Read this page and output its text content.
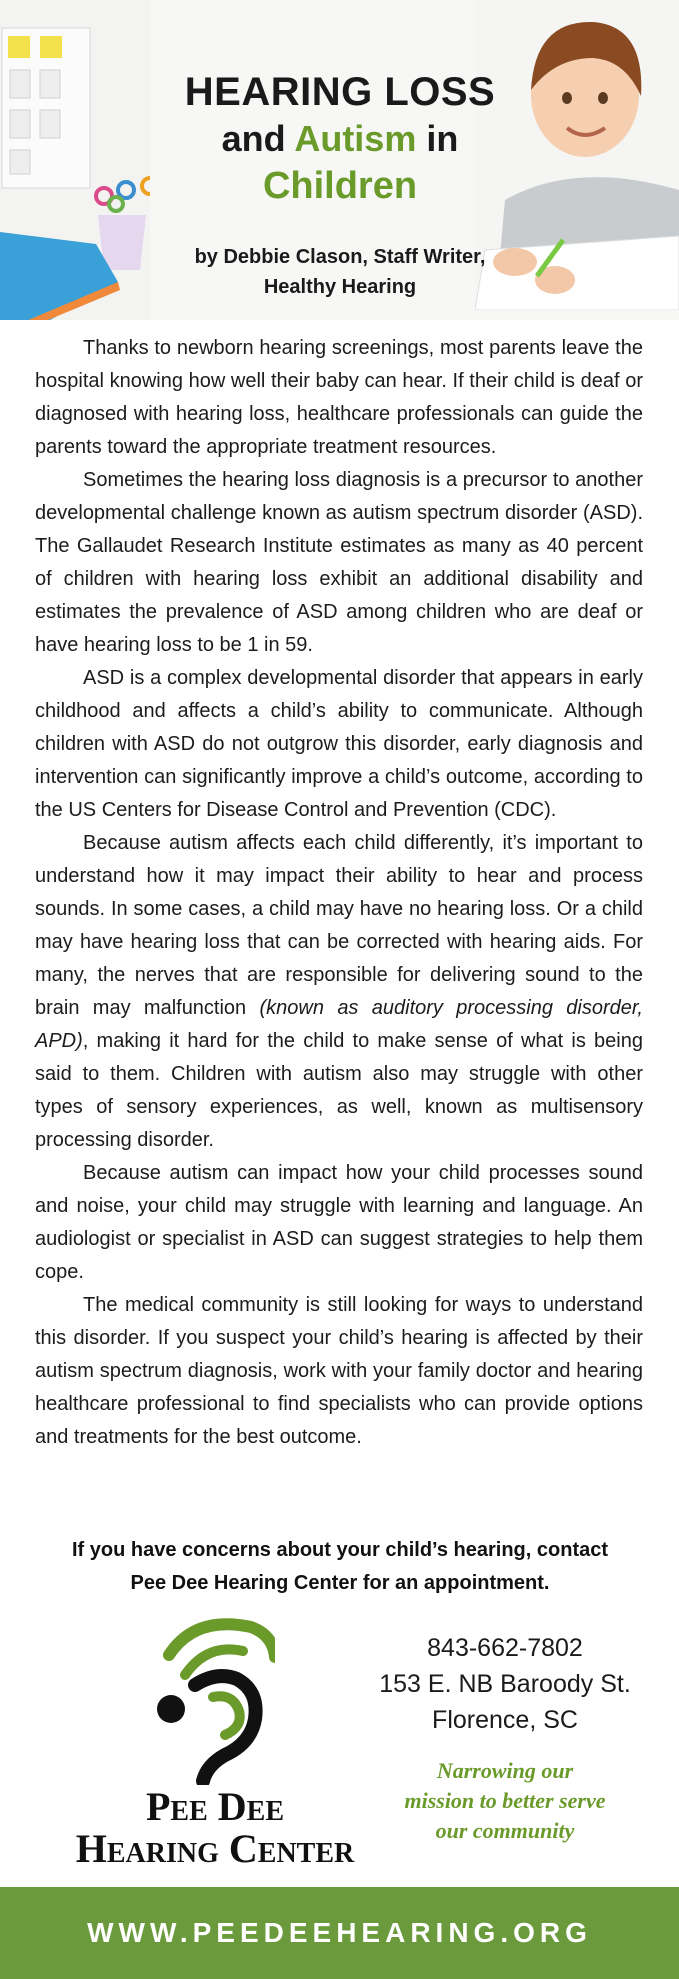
HEARING LOSS
and Autism in
Children
by Debbie Clason, Staff Writer,
Healthy Hearing

Thanks to newborn hearing screenings, most parents leave the hospital knowing how well their baby can hear. If their child is deaf or diagnosed with hearing loss, healthcare professionals can guide the parents toward the appropriate treatment resources.

Sometimes the hearing loss diagnosis is a precursor to another developmental challenge known as autism spectrum disorder (ASD). The Gallaudet Research Institute estimates as many as 40 percent of children with hearing loss exhibit an additional disability and estimates the prevalence of ASD among children who are deaf or have hearing loss to be 1 in 59.

ASD is a complex developmental disorder that appears in early childhood and affects a child’s ability to communicate. Although children with ASD do not outgrow this disorder, early diagnosis and intervention can significantly improve a child’s outcome, according to the US Centers for Disease Control and Prevention (CDC).

Because autism affects each child differently, it’s important to understand how it may impact their ability to hear and process sounds. In some cases, a child may have no hearing loss. Or a child may have hearing loss that can be corrected with hearing aids. For many, the nerves that are responsible for delivering sound to the brain may malfunction (known as auditory processing disorder, APD), making it hard for the child to make sense of what is being said to them. Children with autism also may struggle with other types of sensory experiences, as well, known as multisensory processing disorder.

Because autism can impact how your child processes sound and noise, your child may struggle with learning and language. An audiologist or specialist in ASD can suggest strategies to help them cope.

The medical community is still looking for ways to understand this disorder. If you suspect your child’s hearing is affected by their autism spectrum diagnosis, work with your family doctor and hearing healthcare professional to find specialists who can provide options and treatments for the best outcome.

If you have concerns about your child’s hearing, contact
Pee Dee Hearing Center for an appointment.
Pee Dee
Hearing Center
843-662-7802
153 E. NB Baroody St.
Florence, SC
Narrowing our
mission to better serve
our community
WWW.PEEDEEHEARING.ORG
